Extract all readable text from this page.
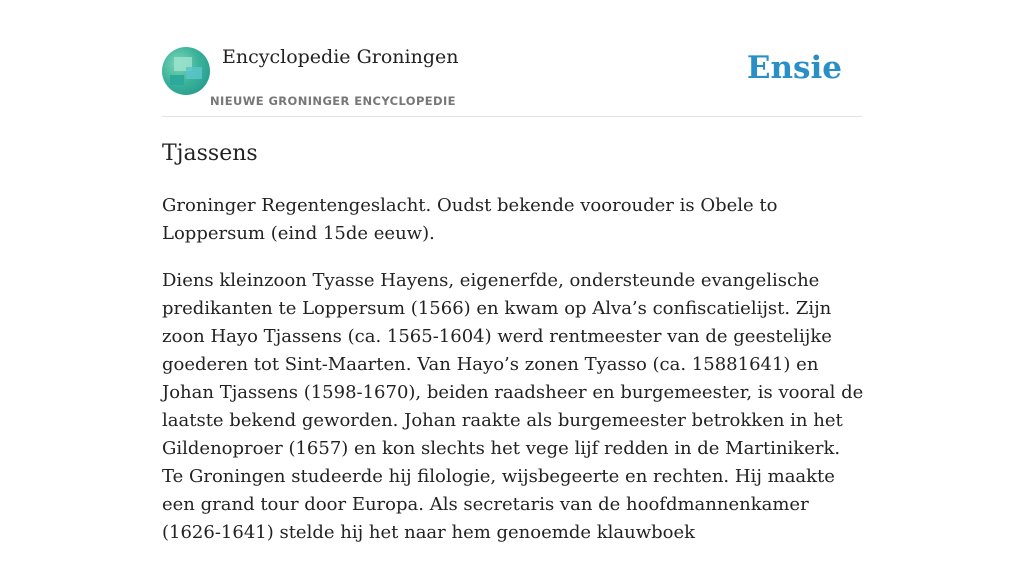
Encyclopedie Groningen
NIEUWE GRONINGER ENCYCLOPEDIE
Ensie
Tjassens

Groninger Regentengeslacht. Oudst bekende voorouder is Obele to Loppersum (eind 15de eeuw).

Diens kleinzoon Tyasse Hayens, eigenerfde, ondersteunde evangelische predikanten te Loppersum (1566) en kwam op Alva’s confiscatielijst. Zijn zoon Hayo Tjassens (ca. 1565-1604) werd rentmeester van de geestelijke goederen tot Sint-Maarten. Van Hayo’s zonen Tyasso (ca. 15881641) en Johan Tjassens (1598-1670), beiden raadsheer en burgemeester, is vooral de laatste bekend geworden. Johan raakte als burgemeester betrokken in het Gildenoproer (1657) en kon slechts het vege lijf redden in de Martinikerk. Te Groningen studeerde hij filologie, wijsbegeerte en rechten. Hij maakte een grand tour door Europa. Als secretaris van de hoofdmannenkamer (1626-1641) stelde hij het naar hem genoemde klauwboek
